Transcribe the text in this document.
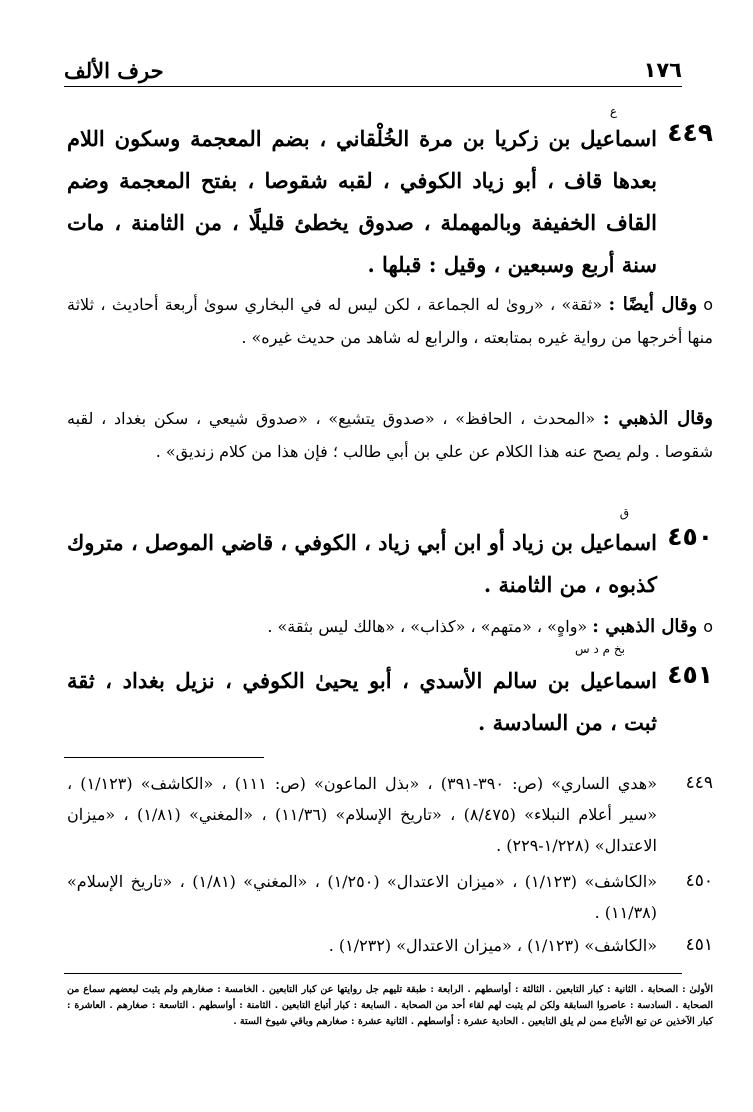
١٧٦
حرف الألف
٤٤٩
ع
اسماعيل بن زكريا بن مرة الخُلْقاني ، بضم المعجمة وسكون اللام بعدها قاف ، أبو زياد الكوفي ، لقبه شقوصا ، بفتح المعجمة وضم القاف الخفيفة وبالمهملة ، صدوق يخطئ قليلًا ، من الثامنة ، مات سنة أربع وسبعين ، وقيل : قبلها .
oوقال أيضًا : «ثقة» ، «روىٰ له الجماعة ، لكن ليس له في البخاري سوىٰ أربعة أحاديث ، ثلاثة منها أخرجها من رواية غيره بمتابعته ، والرابع له شاهد من حديث غيره» .
وقال الذهبي : «المحدث ، الحافظ» ، «صدوق يتشيع» ، «صدوق شيعي ، سكن بغداد ، لقبه شقوصا . ولم يصح عنه هذا الكلام عن علي بن أبي طالب ؛ فإن هذا من كلام زنديق» .
٤٥٠
ق
اسماعيل بن زياد أو ابن أبي زياد ، الكوفي ، قاضي الموصل ، متروك كذبوه ، من الثامنة .
oوقال الذهبي : «واهٍ» ، «متهم» ، «كذاب» ، «هالك ليس بثقة» .
٤٥١
بخ م د س
اسماعيل بن سالم الأسدي ، أبو يحيىٰ الكوفي ، نزيل بغداد ، ثقة ثبت ، من السادسة .
٤٤٩
«هدي الساري» (ص: ٣٩٠-٣٩١) ، «بذل الماعون» (ص: ١١١) ، «الكاشف» (١/١٢٣) ، «سير أعلام النبلاء» (٨/٤٧٥) ، «تاريخ الإسلام» (١١/٣٦) ، «المغني» (١/٨١) ، «ميزان الاعتدال» (١/٢٢٨-٢٢٩) .
٤٥٠
«الكاشف» (١/١٢٣) ، «ميزان الاعتدال» (١/٢٥٠) ، «المغني» (١/٨١) ، «تاريخ الإسلام» (١١/٣٨) .
٤٥١
«الكاشف» (١/١٢٣) ، «ميزان الاعتدال» (١/٢٣٢) .
الأولىٰ : الصحابة . الثانية : كبار التابعين . الثالثة : أواسطهم . الرابعة : طبقة تليهم جل روايتها عن كبار التابعين . الخامسة : صغارهم ولم يثبت لبعضهم سماع من الصحابة . السادسة : عاصروا السابقة ولكن لم يثبت لهم لقاء أحد من الصحابة . السابعة : كبار أتباع التابعين . الثامنة : أواسطهم . التاسعة : صغارهم . العاشرة : كبار الآخذين عن تبع الأتباع ممن لم يلق التابعين . الحادية عشرة : أواسطهم . الثانية عشرة : صغارهم وباقي شيوخ الستة .
